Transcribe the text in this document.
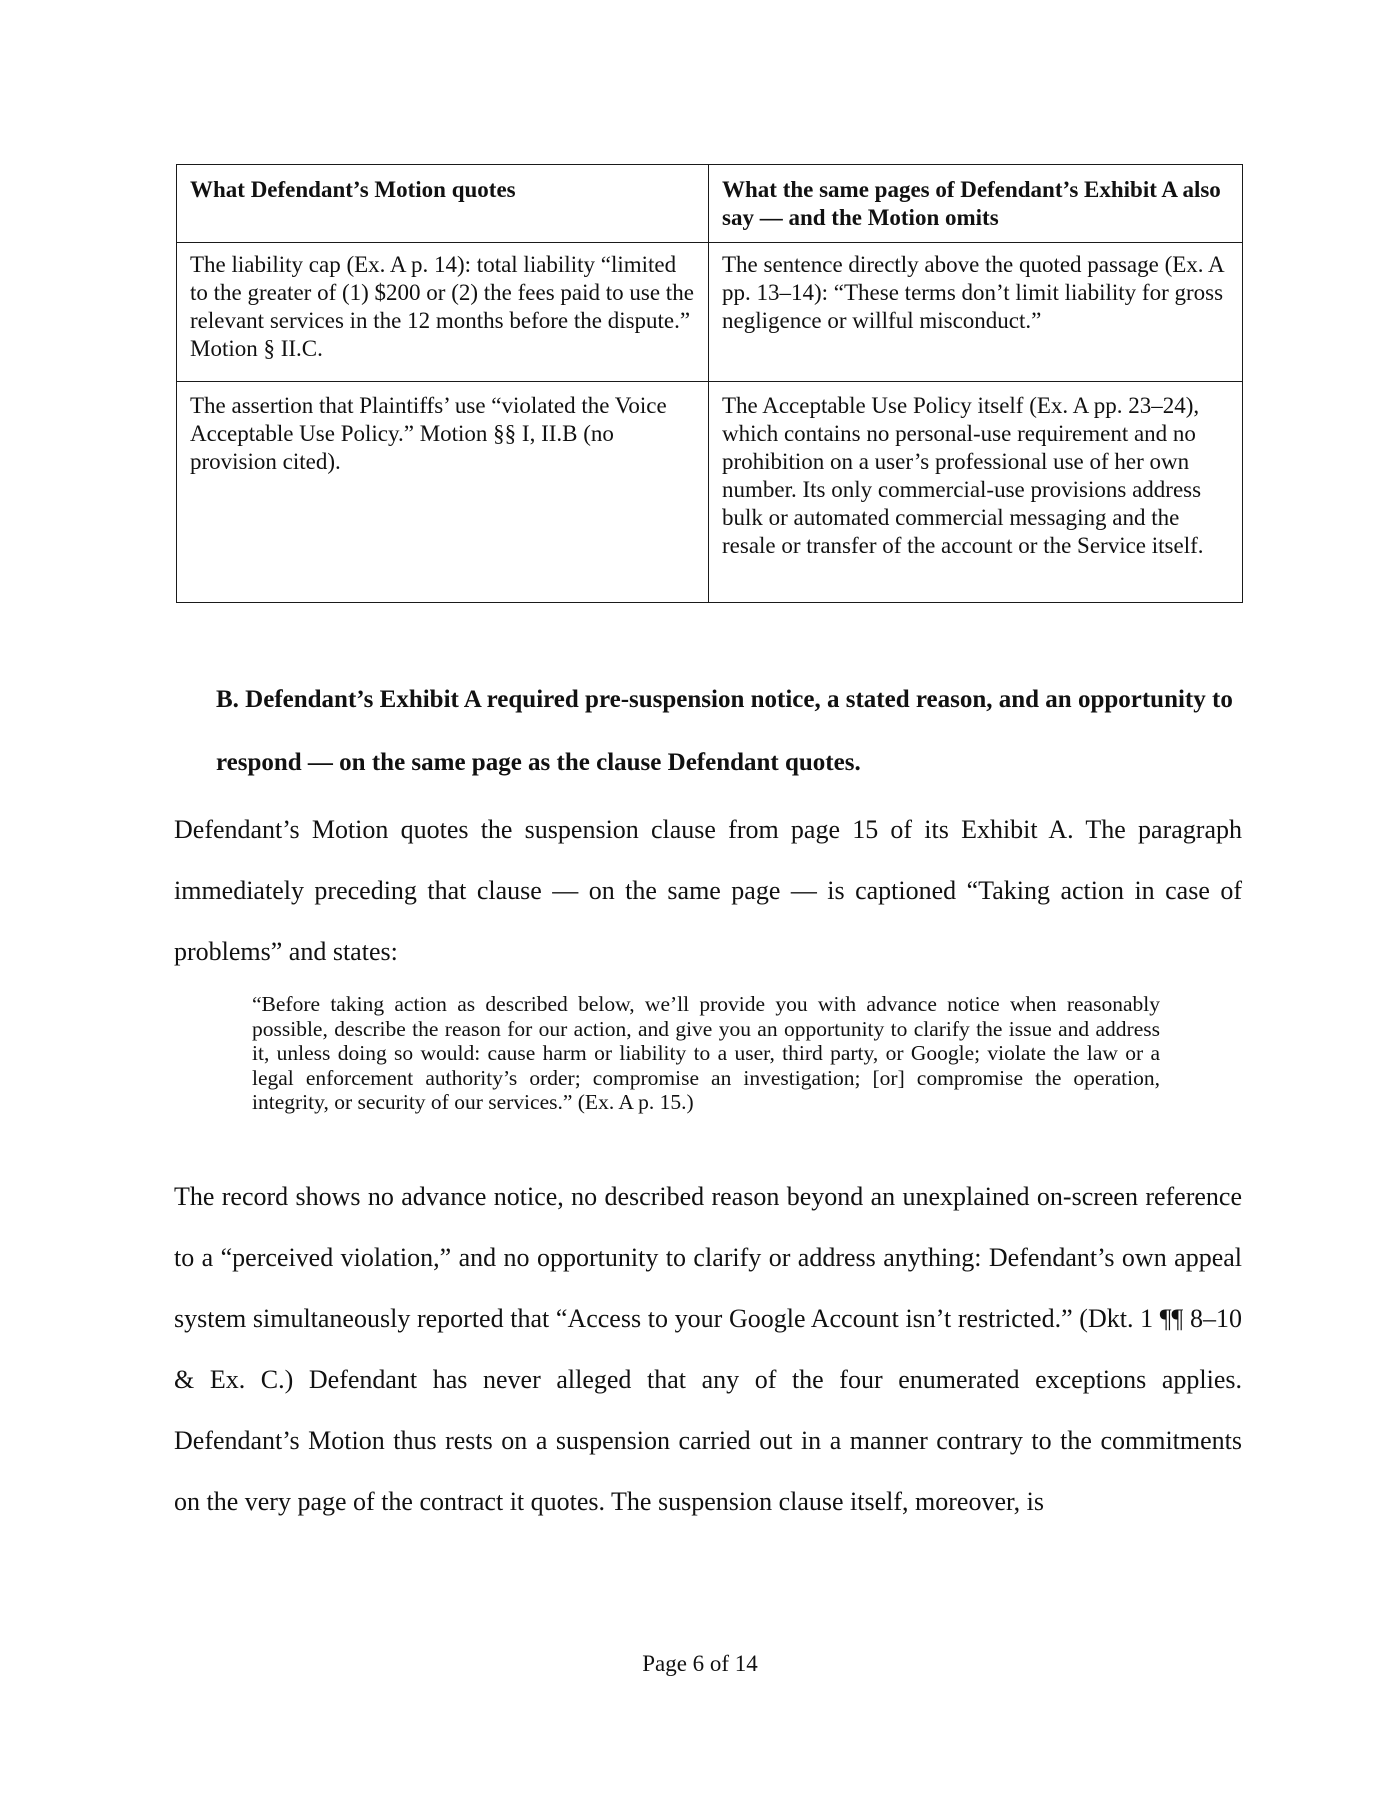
What Defendant’s Motion quotes	What the same pages of Defendant’s Exhibit A also say — and the Motion omits
The liability cap (Ex. A p. 14): total liability “limited to the greater of (1) $200 or (2) the fees paid to use the relevant services in the 12 months before the dispute.” Motion § II.C.	The sentence directly above the quoted passage (Ex. A pp. 13–14): “These terms don’t limit liability for gross negligence or willful misconduct.”
The assertion that Plaintiffs’ use “violated the Voice Acceptable Use Policy.” Motion §§ I, II.B (no provision cited).	The Acceptable Use Policy itself (Ex. A pp. 23–24), which contains no personal-use requirement and no prohibition on a user’s professional use of her own number. Its only commercial-use provisions address bulk or automated commercial messaging and the resale or transfer of the account or the Service itself.
B. Defendant’s Exhibit A required pre-suspension notice, a stated reason, and an opportunity to respond — on the same page as the clause Defendant quotes.

Defendant’s Motion quotes the suspension clause from page 15 of its Exhibit A. The paragraph immediately preceding that clause — on the same page — is captioned “Taking action in case of problems” and states:

“Before taking action as described below, we’ll provide you with advance notice when reasonably possible, describe the reason for our action, and give you an opportunity to clarify the issue and address it, unless doing so would: cause harm or liability to a user, third party, or Google; violate the law or a legal enforcement authority’s order; compromise an investigation; [or] compromise the operation, integrity, or security of our services.” (Ex. A p. 15.)

The record shows no advance notice, no described reason beyond an unexplained on-screen reference to a “perceived violation,” and no opportunity to clarify or address anything: Defendant’s own appeal system simultaneously reported that “Access to your Google Account isn’t restricted.” (Dkt. 1 ¶¶ 8–10 & Ex. C.) Defendant has never alleged that any of the four enumerated exceptions applies. Defendant’s Motion thus rests on a suspension carried out in a manner contrary to the commitments on the very page of the contract it quotes. The suspension clause itself, moreover, is

Page 6 of 14
